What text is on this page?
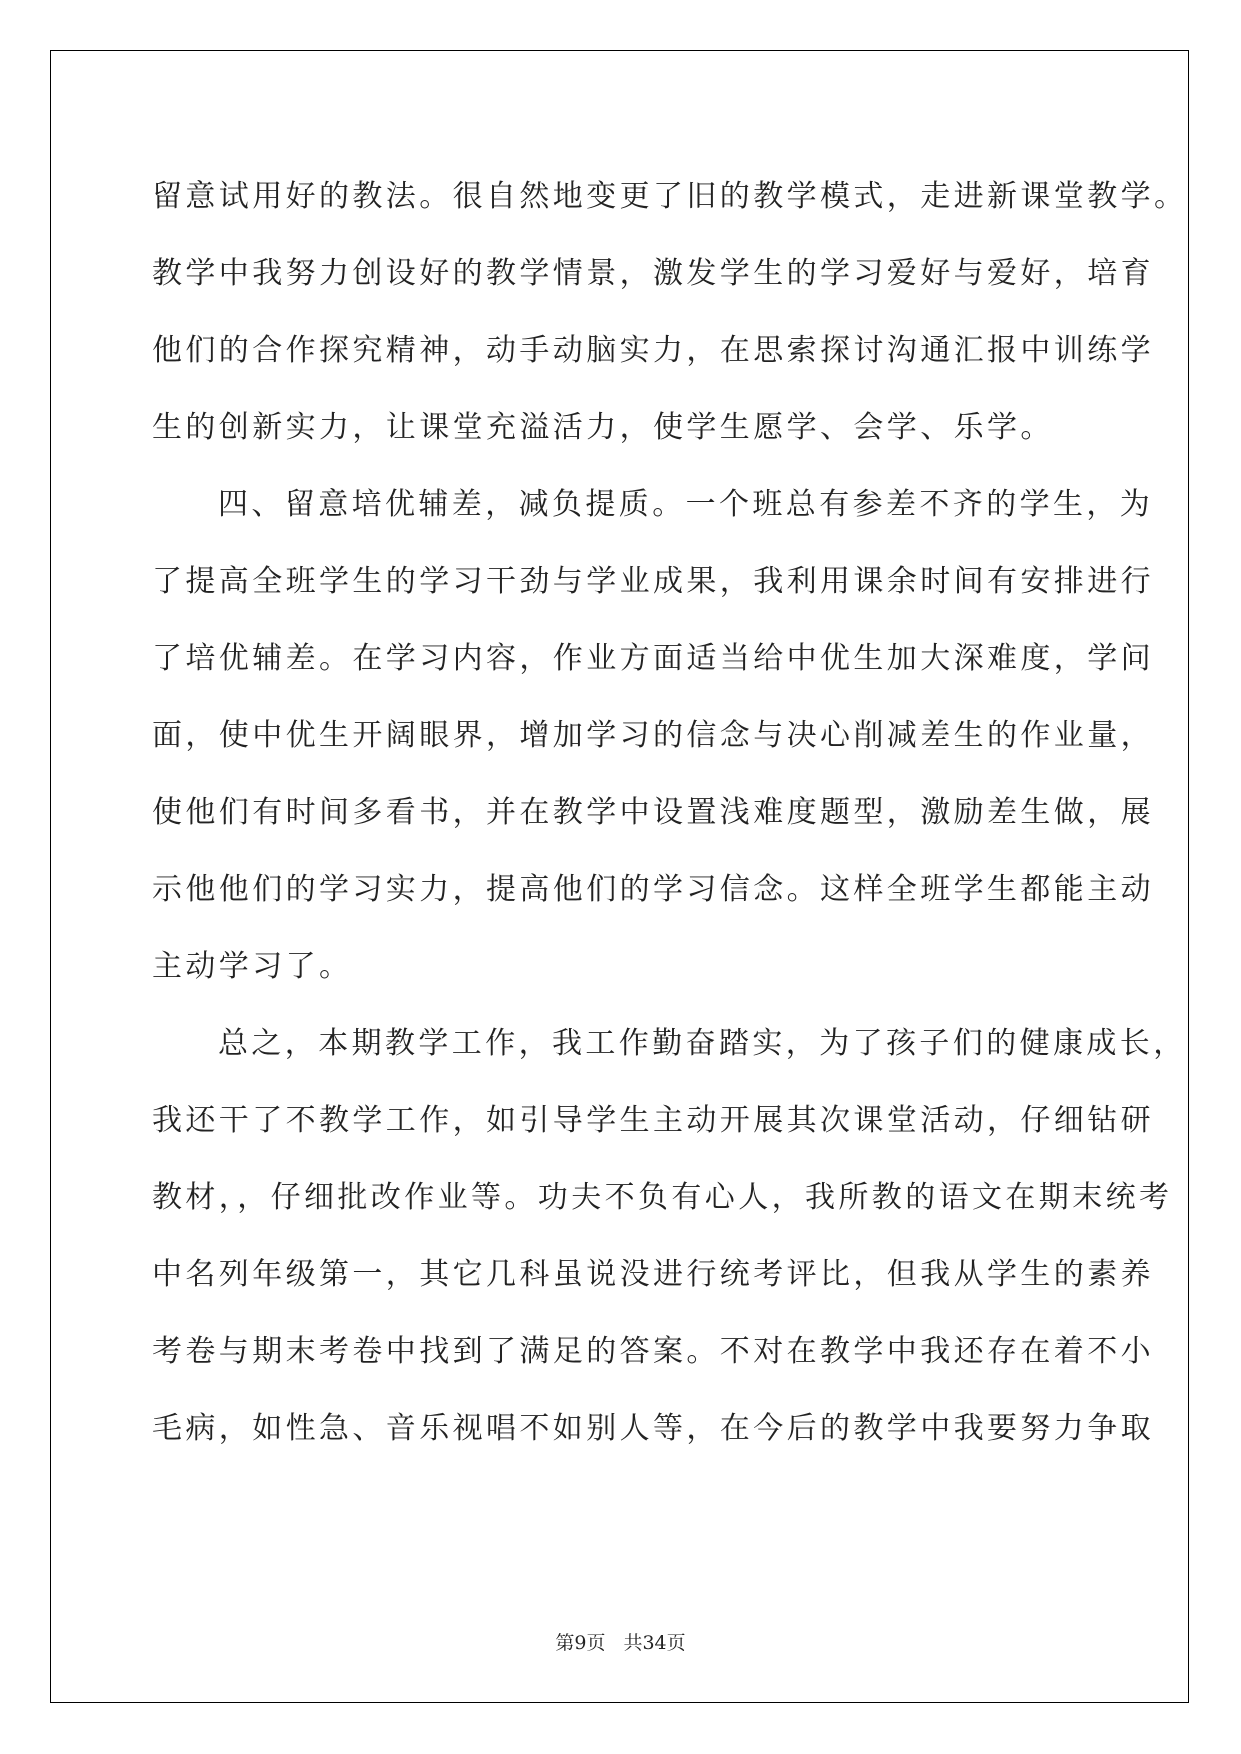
留意试用好的教法。很自然地变更了旧的教学模式，走进新课堂教学。
教学中我努力创设好的教学情景，激发学生的学习爱好与爱好，培育
他们的合作探究精神，动手动脑实力，在思索探讨沟通汇报中训练学
生的创新实力，让课堂充溢活力，使学生愿学、会学、乐学。
四、留意培优辅差，减负提质。一个班总有参差不齐的学生，为
了提高全班学生的学习干劲与学业成果，我利用课余时间有安排进行
了培优辅差。在学习内容，作业方面适当给中优生加大深难度，学问
面，使中优生开阔眼界，增加学习的信念与决心削减差生的作业量，
使他们有时间多看书，并在教学中设置浅难度题型，激励差生做，展
示他他们的学习实力，提高他们的学习信念。这样全班学生都能主动
主动学习了。
总之，本期教学工作，我工作勤奋踏实，为了孩子们的健康成长，
我还干了不教学工作，如引导学生主动开展其次课堂活动，仔细钻研
教材，，仔细批改作业等。功夫不负有心人，我所教的语文在期末统考
中名列年级第一，其它几科虽说没进行统考评比，但我从学生的素养
考卷与期末考卷中找到了满足的答案。不对在教学中我还存在着不小
毛病，如性急、音乐视唱不如别人等，在今后的教学中我要努力争取
第9页 共34页
